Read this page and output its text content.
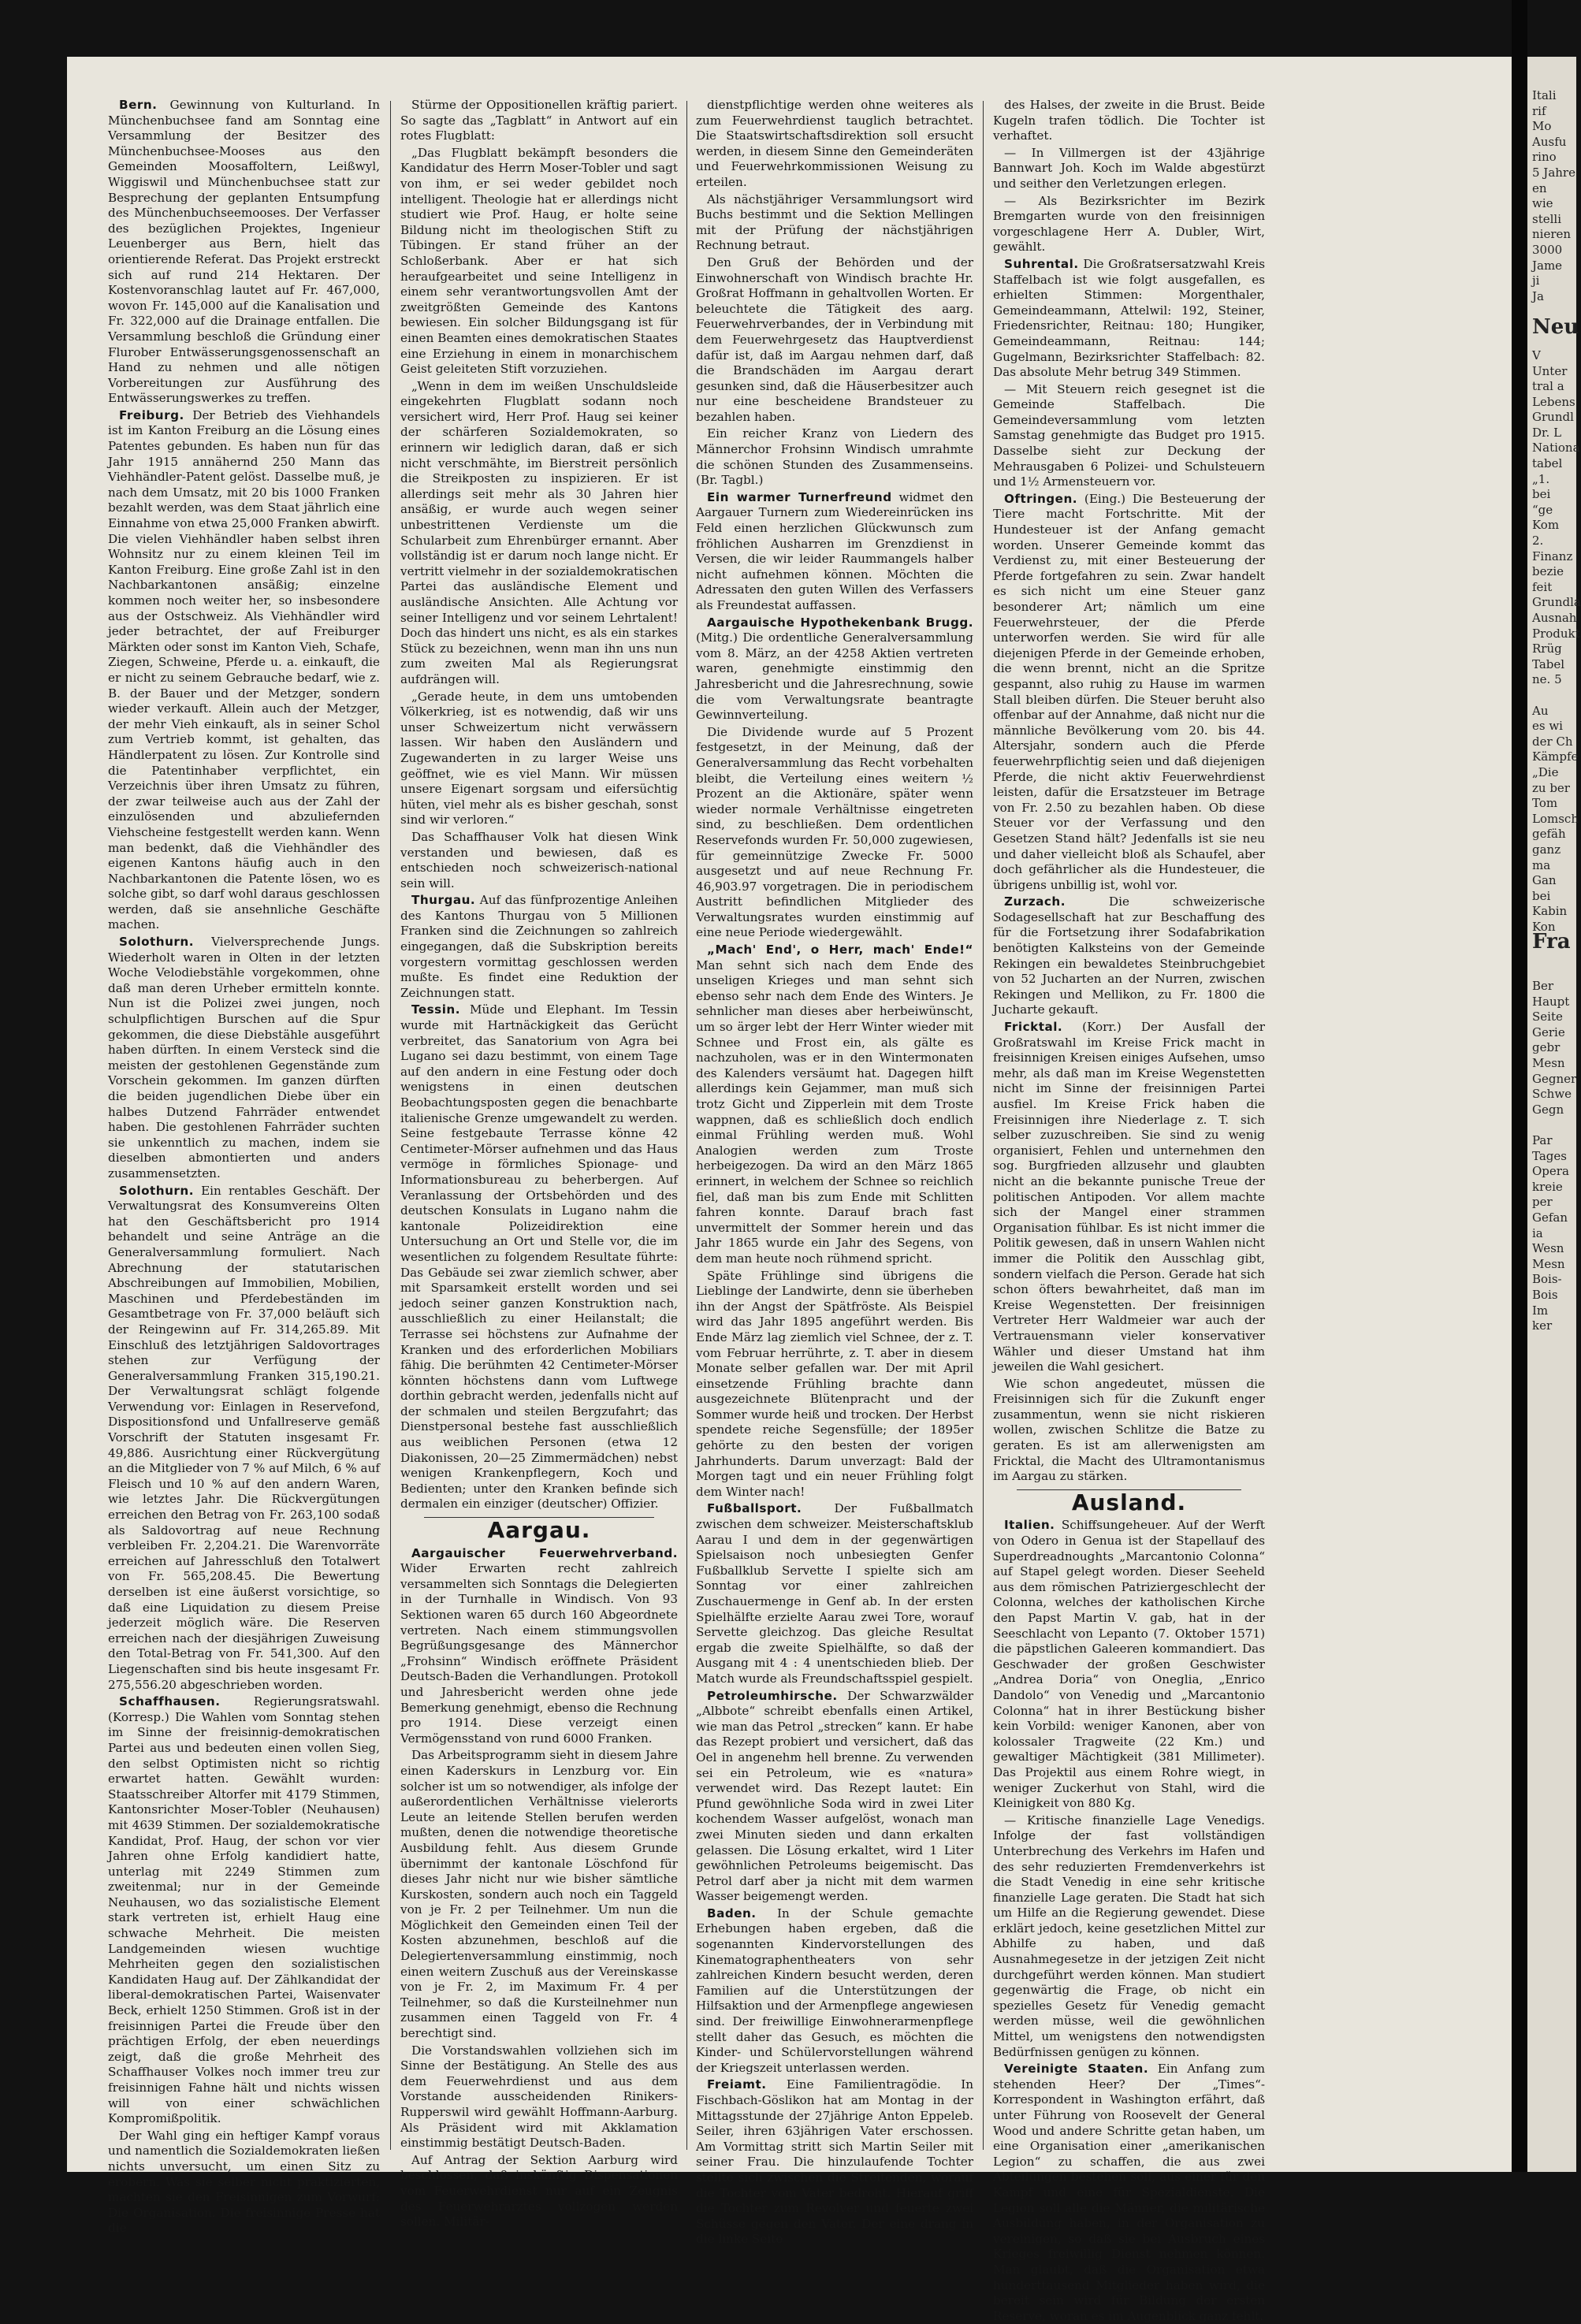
Bern. Gewinnung von Kulturland. In Münchenbuchsee fand am Sonntag eine Versammlung der Besitzer des Münchenbuchsee-Mooses aus den Gemeinden Moosaffoltern, Leißwyl, Wiggiswil und Münchenbuchsee statt zur Besprechung der geplanten Entsumpfung des Münchenbuchseemooses. Der Verfasser des bezüglichen Projektes, Ingenieur Leuenberger aus Bern, hielt das orientierende Referat. Das Projekt erstreckt sich auf rund 214 Hektaren. Der Kostenvoranschlag lautet auf Fr. 467,000, wovon Fr. 145,000 auf die Kanalisation und Fr. 322,000 auf die Drainage entfallen. Die Versammlung beschloß die Gründung einer Flurober Entwässerungsgenossenschaft an Hand zu nehmen und alle nötigen Vorbereitungen zur Ausführung des Entwässerungswerkes zu treffen.

Freiburg. Der Betrieb des Viehhandels ist im Kanton Freiburg an die Lösung eines Patentes gebunden. Es haben nun für das Jahr 1915 annähernd 250 Mann das Viehhändler-Patent gelöst. Dasselbe muß, je nach dem Umsatz, mit 20 bis 1000 Franken bezahlt werden, was dem Staat jährlich eine Einnahme von etwa 25,000 Franken abwirft. Die vielen Viehhändler haben selbst ihren Wohnsitz nur zu einem kleinen Teil im Kanton Freiburg. Eine große Zahl ist in den Nachbarkantonen ansäßig; einzelne kommen noch weiter her, so insbesondere aus der Ostschweiz. Als Viehhändler wird jeder betrachtet, der auf Freiburger Märkten oder sonst im Kanton Vieh, Schafe, Ziegen, Schweine, Pferde u. a. einkauft, die er nicht zu seinem Gebrauche bedarf, wie z. B. der Bauer und der Metzger, sondern wieder verkauft. Allein auch der Metzger, der mehr Vieh einkauft, als in seiner Schol zum Vertrieb kommt, ist gehalten, das Händlerpatent zu lösen. Zur Kontrolle sind die Patentinhaber verpflichtet, ein Verzeichnis über ihren Umsatz zu führen, der zwar teilweise auch aus der Zahl der einzulösenden und abzuliefernden Viehscheine festgestellt werden kann. Wenn man bedenkt, daß die Viehhändler des eigenen Kantons häufig auch in den Nachbarkantonen die Patente lösen, wo es solche gibt, so darf wohl daraus geschlossen werden, daß sie ansehnliche Geschäfte machen.

Solothurn. Vielversprechende Jungs. Wiederholt waren in Olten in der letzten Woche Velodiebstähle vorgekommen, ohne daß man deren Urheber ermitteln konnte. Nun ist die Polizei zwei jungen, noch schulpflichtigen Burschen auf die Spur gekommen, die diese Diebstähle ausgeführt haben dürften. In einem Versteck sind die meisten der gestohlenen Gegenstände zum Vorschein gekommen. Im ganzen dürften die beiden jugendlichen Diebe über ein halbes Dutzend Fahrräder entwendet haben. Die gestohlenen Fahrräder suchten sie unkenntlich zu machen, indem sie dieselben abmontierten und anders zusammensetzten.

Solothurn. Ein rentables Geschäft. Der Verwaltungsrat des Konsumvereins Olten hat den Geschäftsbericht pro 1914 behandelt und seine Anträge an die Generalversammlung formuliert. Nach Abrechnung der statutarischen Abschreibungen auf Immobilien, Mobilien, Maschinen und Pferdebeständen im Gesamtbetrage von Fr. 37,000 beläuft sich der Reingewinn auf Fr. 314,265.89. Mit Einschluß des letztjährigen Saldovortrages stehen zur Verfügung der Generalversammlung Franken 315,190.21. Der Verwaltungsrat schlägt folgende Verwendung vor: Einlagen in Reservefond, Dispositionsfond und Unfallreserve gemäß Vorschrift der Statuten insgesamt Fr. 49,886. Ausrichtung einer Rückvergütung an die Mitglieder von 7 % auf Milch, 6 % auf Fleisch und 10 % auf den andern Waren, wie letztes Jahr. Die Rückvergütungen erreichen den Betrag von Fr. 263,100 sodaß als Saldovortrag auf neue Rechnung verbleiben Fr. 2,204.21. Die Warenvorräte erreichen auf Jahresschluß den Totalwert von Fr. 565,208.45. Die Bewertung derselben ist eine äußerst vorsichtige, so daß eine Liquidation zu diesem Preise jederzeit möglich wäre. Die Reserven erreichen nach der diesjährigen Zuweisung den Total-Betrag von Fr. 541,300. Auf den Liegenschaften sind bis heute insgesamt Fr. 275,556.20 abgeschrieben worden.

Schaffhausen. Regierungsratswahl. (Korresp.) Die Wahlen vom Sonntag stehen im Sinne der freisinnig-demokratischen Partei aus und bedeuten einen vollen Sieg, den selbst Optimisten nicht so richtig erwartet hatten. Gewählt wurden: Staatsschreiber Altorfer mit 4179 Stimmen, Kantonsrichter Moser-Tobler (Neuhausen) mit 4639 Stimmen. Der sozialdemokratische Kandidat, Prof. Haug, der schon vor vier Jahren ohne Erfolg kandidiert hatte, unterlag mit 2249 Stimmen zum zweitenmal; nur in der Gemeinde Neuhausen, wo das sozialistische Element stark vertreten ist, erhielt Haug eine schwache Mehrheit. Die meisten Landgemeinden wiesen wuchtige Mehrheiten gegen den sozialistischen Kandidaten Haug auf. Der Zählkandidat der liberal-demokratischen Partei, Waisenvater Beck, erhielt 1250 Stimmen. Groß ist in der freisinnigen Partei die Freude über den prächtigen Erfolg, der eben neuerdings zeigt, daß die große Mehrheit des Schaffhauser Volkes noch immer treu zur freisinnigen Fahne hält und nichts wissen will von einer schwächlichen Kompromißpolitik.

Der Wahl ging ein heftiger Kampf voraus und namentlich die Sozialdemokraten ließen nichts unversucht, um einen Sitz zu erobern. Was sie selber nicht praktizierten, machten sie den Freisinnigen zum Vorwurf: Die Organisation. Die freisinnige Presse hat die

Stürme der Oppositionellen kräftig pariert. So sagte das „Tagblatt“ in Antwort auf ein rotes Flugblatt:

„Das Flugblatt bekämpft besonders die Kandidatur des Herrn Moser-Tobler und sagt von ihm, er sei weder gebildet noch intelligent. Theologie hat er allerdings nicht studiert wie Prof. Haug, er holte seine Bildung nicht im theologischen Stift zu Tübingen. Er stand früher an der Schloßerbank. Aber er hat sich heraufgearbeitet und seine Intelligenz in einem sehr verantwortungsvollen Amt der zweitgrößten Gemeinde des Kantons bewiesen. Ein solcher Bildungsgang ist für einen Beamten eines demokratischen Staates eine Erziehung in einem in monarchischem Geist geleiteten Stift vorzuziehen.

„Wenn in dem im weißen Unschuldsleide eingekehrten Flugblatt sodann noch versichert wird, Herr Prof. Haug sei keiner der schärferen Sozialdemokraten, so erinnern wir lediglich daran, daß er sich nicht verschmähte, im Bierstreit persönlich die Streikposten zu inspizieren. Er ist allerdings seit mehr als 30 Jahren hier ansäßig, er wurde auch wegen seiner unbestrittenen Verdienste um die Schularbeit zum Ehrenbürger ernannt. Aber vollständig ist er darum noch lange nicht. Er vertritt vielmehr in der sozialdemokratischen Partei das ausländische Element und ausländische Ansichten. Alle Achtung vor seiner Intelligenz und vor seinem Lehrtalent! Doch das hindert uns nicht, es als ein starkes Stück zu bezeichnen, wenn man ihn uns nun zum zweiten Mal als Regierungsrat aufdrängen will.

„Gerade heute, in dem uns umtobenden Völkerkrieg, ist es notwendig, daß wir uns unser Schweizertum nicht verwässern lassen. Wir haben den Ausländern und Zugewanderten in zu larger Weise uns geöffnet, wie es viel Mann. Wir müssen unsere Eigenart sorgsam und eifersüchtig hüten, viel mehr als es bisher geschah, sonst sind wir verloren.“

Das Schaffhauser Volk hat diesen Wink verstanden und bewiesen, daß es entschieden noch schweizerisch-national sein will.

Thurgau. Auf das fünfprozentige Anleihen des Kantons Thurgau von 5 Millionen Franken sind die Zeichnungen so zahlreich eingegangen, daß die Subskription bereits vorgestern vormittag geschlossen werden mußte. Es findet eine Reduktion der Zeichnungen statt.

Tessin. Müde und Elephant. Im Tessin wurde mit Hartnäckigkeit das Gerücht verbreitet, das Sanatorium von Agra bei Lugano sei dazu bestimmt, von einem Tage auf den andern in eine Festung oder doch wenigstens in einen deutschen Beobachtungsposten gegen die benachbarte italienische Grenze umgewandelt zu werden. Seine festgebaute Terrasse könne 42 Centimeter-Mörser aufnehmen und das Haus vermöge in förmliches Spionage- und Informationsbureau zu beherbergen. Auf Veranlassung der Ortsbehörden und des deutschen Konsulats in Lugano nahm die kantonale Polizeidirektion eine Untersuchung an Ort und Stelle vor, die im wesentlichen zu folgendem Resultate führte: Das Gebäude sei zwar ziemlich schwer, aber mit Sparsamkeit erstellt worden und sei jedoch seiner ganzen Konstruktion nach, ausschließlich zu einer Heilanstalt; die Terrasse sei höchstens zur Aufnahme der Kranken und des erforderlichen Mobiliars fähig. Die berühmten 42 Centimeter-Mörser könnten höchstens dann vom Luftwege dorthin gebracht werden, jedenfalls nicht auf der schmalen und steilen Bergzufahrt; das Dienstpersonal bestehe fast ausschließlich aus weiblichen Personen (etwa 12 Diakonissen, 20—25 Zimmermädchen) nebst wenigen Krankenpflegern, Koch und Bedienten; unter den Kranken befinde sich dermalen ein einziger (deutscher) Offizier.

Aargau.

Aargauischer Feuerwehrverband. Wider Erwarten recht zahlreich versammelten sich Sonntags die Delegierten in der Turnhalle in Windisch. Von 93 Sektionen waren 65 durch 160 Abgeordnete vertreten. Nach einem stimmungsvollen Begrüßungsgesange des Männerchor „Frohsinn“ Windisch eröffnete Präsident Deutsch-Baden die Verhandlungen. Protokoll und Jahresbericht werden ohne jede Bemerkung genehmigt, ebenso die Rechnung pro 1914. Diese verzeigt einen Vermögensstand von rund 6000 Franken.

Das Arbeitsprogramm sieht in diesem Jahre einen Kaderskurs in Lenzburg vor. Ein solcher ist um so notwendiger, als infolge der außerordentlichen Verhältnisse vielerorts Leute an leitende Stellen berufen werden mußten, denen die notwendige theoretische Ausbildung fehlt. Aus diesem Grunde übernimmt der kantonale Löschfond für dieses Jahr nicht nur wie bisher sämtliche Kurskosten, sondern auch noch ein Taggeld von je Fr. 2 per Teilnehmer. Um nun die Möglichkeit den Gemeinden einen Teil der Kosten abzunehmen, beschloß auf die Delegiertenversammlung einstimmig, noch einen weitern Zuschuß aus der Vereinskasse von je Fr. 2, im Maximum Fr. 4 per Teilnehmer, so daß die Kursteilnehmer nun zusammen einen Taggeld von Fr. 4 berechtigt sind.

Die Vorstandswahlen vollziehen sich im Sinne der Bestätigung. An Stelle des aus dem Feuerwehrdienst und aus dem Vorstande ausscheidenden Rinikers-Rupperswil wird gewählt Hoffmann-Aarburg. Als Präsident wird mit Akklamation einstimmig bestätigt Deutsch-Baden.

Auf Antrag der Sektion Aarburg wird beschlossen, daß inskünftig Dispensationen vom Feuerwehrdienst nur auf ein Zeugnis des Feuerwehrarztes vollzogen werden sollen. Militär-

dienstpflichtige werden ohne weiteres als zum Feuerwehrdienst tauglich betrachtet. Die Staatswirtschaftsdirektion soll ersucht werden, in diesem Sinne den Gemeinderäten und Feuerwehrkommissionen Weisung zu erteilen.

Als nächstjähriger Versammlungsort wird Buchs bestimmt und die Sektion Mellingen mit der Prüfung der nächstjährigen Rechnung betraut.

Den Gruß der Behörden und der Einwohnerschaft von Windisch brachte Hr. Großrat Hoffmann in gehaltvollen Worten. Er beleuchtete die Tätigkeit des aarg. Feuerwehrverbandes, der in Verbindung mit dem Feuerwehrgesetz das Hauptverdienst dafür ist, daß im Aargau nehmen darf, daß die Brandschäden im Aargau derart gesunken sind, daß die Häuserbesitzer auch nur eine bescheidene Brandsteuer zu bezahlen haben.

Ein reicher Kranz von Liedern des Männerchor Frohsinn Windisch umrahmte die schönen Stunden des Zusammenseins. (Br. Tagbl.)

Ein warmer Turnerfreund widmet den Aargauer Turnern zum Wiedereinrücken ins Feld einen herzlichen Glückwunsch zum fröhlichen Ausharren im Grenzdienst in Versen, die wir leider Raummangels halber nicht aufnehmen können. Möchten die Adressaten den guten Willen des Verfassers als Freundestat auffassen.

Aargauische Hypothekenbank Brugg. (Mitg.) Die ordentliche Generalversammlung vom 8. März, an der 4258 Aktien vertreten waren, genehmigte einstimmig den Jahresbericht und die Jahresrechnung, sowie die vom Verwaltungsrate beantragte Gewinnverteilung.

Die Dividende wurde auf 5 Prozent festgesetzt, in der Meinung, daß der Generalversammlung das Recht vorbehalten bleibt, die Verteilung eines weitern ½ Prozent an die Aktionäre, später wenn wieder normale Verhältnisse eingetreten sind, zu beschließen. Dem ordentlichen Reservefonds wurden Fr. 50,000 zugewiesen, für gemeinnützige Zwecke Fr. 5000 ausgesetzt und auf neue Rechnung Fr. 46,903.97 vorgetragen. Die in periodischem Austritt befindlichen Mitglieder des Verwaltungsrates wurden einstimmig auf eine neue Periode wiedergewählt.

„Mach' End', o Herr, mach' Ende!“ Man sehnt sich nach dem Ende des unseligen Krieges und man sehnt sich ebenso sehr nach dem Ende des Winters. Je sehnlicher man dieses aber herbeiwünscht, um so ärger lebt der Herr Winter wieder mit Schnee und Frost ein, als gälte es nachzuholen, was er in den Wintermonaten des Kalenders versäumt hat. Dagegen hilft allerdings kein Gejammer, man muß sich trotz Gicht und Zipperlein mit dem Troste wappnen, daß es schließlich doch endlich einmal Frühling werden muß. Wohl Analogien werden zum Troste herbeigezogen. Da wird an den März 1865 erinnert, in welchem der Schnee so reichlich fiel, daß man bis zum Ende mit Schlitten fahren konnte. Darauf brach fast unvermittelt der Sommer herein und das Jahr 1865 wurde ein Jahr des Segens, von dem man heute noch rühmend spricht.

Späte Frühlinge sind übrigens die Lieblinge der Landwirte, denn sie überheben ihn der Angst der Spätfröste. Als Beispiel wird das Jahr 1895 angeführt werden. Bis Ende März lag ziemlich viel Schnee, der z. T. vom Februar herrührte, z. T. aber in diesem Monate selber gefallen war. Der mit April einsetzende Frühling brachte dann ausgezeichnete Blütenpracht und der Sommer wurde heiß und trocken. Der Herbst spendete reiche Segensfülle; der 1895er gehörte zu den besten der vorigen Jahrhunderts. Darum unverzagt: Bald der Morgen tagt und ein neuer Frühling folgt dem Winter nach!

Fußballsport. Der Fußballmatch zwischen dem schweizer. Meisterschaftsklub Aarau I und dem in der gegenwärtigen Spielsaison noch unbesiegten Genfer Fußballklub Servette I spielte sich am Sonntag vor einer zahlreichen Zuschauermenge in Genf ab. In der ersten Spielhälfte erzielte Aarau zwei Tore, worauf Servette gleichzog. Das gleiche Resultat ergab die zweite Spielhälfte, so daß der Ausgang mit 4 : 4 unentschieden blieb. Der Match wurde als Freundschaftsspiel gespielt.

Petroleumhirsche. Der Schwarzwälder „Albbote“ schreibt ebenfalls einen Artikel, wie man das Petrol „strecken“ kann. Er habe das Rezept probiert und versichert, daß das Oel in angenehm hell brenne. Zu verwenden sei ein Petroleum, wie es «natura» verwendet wird. Das Rezept lautet: Ein Pfund gewöhnliche Soda wird in zwei Liter kochendem Wasser aufgelöst, wonach man zwei Minuten sieden und dann erkalten gelassen. Die Lösung erkaltet, wird 1 Liter gewöhnlichen Petroleums beigemischt. Das Petrol darf aber ja nicht mit dem warmen Wasser beigemengt werden.

Baden. In der Schule gemachte Erhebungen haben ergeben, daß die sogenannten Kindervorstellungen des Kinematographentheaters von sehr zahlreichen Kindern besucht werden, deren Familien auf die Unterstützungen der Hilfsaktion und der Armenpflege angewiesen sind. Der freiwillige Einwohnerarmenpflege stellt daher das Gesuch, es möchten die Kinder- und Schülervorstellungen während der Kriegszeit unterlassen werden.

Freiamt. Eine Familientragödie. In Fischbach-Göslikon hat am Montag in der Mittagsstunde der 27jährige Anton Eppeleb. Seiler, ihren 63jährigen Vater erschossen. Am Vormittag stritt sich Martin Seiler mit seiner Frau. Die hinzulaufende Tochter stellte sich zwischen die Streitenden, worauf die Tochter vom Vater bedroht. Hierauf griff die Tochter zum Revolver und feuerte zwei Schüsse gegen den Vater. Der eine drang in die linke Seite

des Halses, der zweite in die Brust. Beide Kugeln trafen tödlich. Die Tochter ist verhaftet.

— In Villmergen ist der 43jährige Bannwart Joh. Koch im Walde abgestürzt und seither den Verletzungen erlegen.

— Als Bezirksrichter im Bezirk Bremgarten wurde von den freisinnigen vorgeschlagene Herr A. Dubler, Wirt, gewählt.

Suhrental. Die Großratsersatzwahl Kreis Staffelbach ist wie folgt ausgefallen, es erhielten Stimmen: Morgenthaler, Gemeindeammann, Attelwil: 192, Steiner, Friedensrichter, Reitnau: 180; Hungiker, Gemeindeammann, Reitnau: 144; Gugelmann, Bezirksrichter Staffelbach: 82. Das absolute Mehr betrug 349 Stimmen.

— Mit Steuern reich gesegnet ist die Gemeinde Staffelbach. Die Gemeindeversammlung vom letzten Samstag genehmigte das Budget pro 1915. Dasselbe sieht zur Deckung der Mehrausgaben 6 Polizei- und Schulsteuern und 1½ Armensteuern vor.

Oftringen. (Eing.) Die Besteuerung der Tiere macht Fortschritte. Mit der Hundesteuer ist der Anfang gemacht worden. Unserer Gemeinde kommt das Verdienst zu, mit einer Besteuerung der Pferde fortgefahren zu sein. Zwar handelt es sich nicht um eine Steuer ganz besonderer Art; nämlich um eine Feuerwehrsteuer, der die Pferde unterworfen werden. Sie wird für alle diejenigen Pferde in der Gemeinde erhoben, die wenn brennt, nicht an die Spritze gespannt, also ruhig zu Hause im warmen Stall bleiben dürfen. Die Steuer beruht also offenbar auf der Annahme, daß nicht nur die männliche Bevölkerung vom 20. bis 44. Altersjahr, sondern auch die Pferde feuerwehrpflichtig seien und daß diejenigen Pferde, die nicht aktiv Feuerwehrdienst leisten, dafür die Ersatzsteuer im Betrage von Fr. 2.50 zu bezahlen haben. Ob diese Steuer vor der Verfassung und den Gesetzen Stand hält? Jedenfalls ist sie neu und daher vielleicht bloß als Schaufel, aber doch gefährlicher als die Hundesteuer, die übrigens unbillig ist, wohl vor.

Zurzach. Die schweizerische Sodagesellschaft hat zur Beschaffung des für die Fortsetzung ihrer Sodafabrikation benötigten Kalksteins von der Gemeinde Rekingen ein bewaldetes Steinbruchgebiet von 52 Jucharten an der Nurren, zwischen Rekingen und Mellikon, zu Fr. 1800 die Jucharte gekauft.

Fricktal. (Korr.) Der Ausfall der Großratswahl im Kreise Frick macht in freisinnigen Kreisen einiges Aufsehen, umso mehr, als daß man im Kreise Wegenstetten nicht im Sinne der freisinnigen Partei ausfiel. Im Kreise Frick haben die Freisinnigen ihre Niederlage z. T. sich selber zuzuschreiben. Sie sind zu wenig organisiert, Fehlen und unternehmen den sog. Burgfrieden allzusehr und glaubten nicht an die bekannte punische Treue der politischen Antipoden. Vor allem machte sich der Mangel einer strammen Organisation fühlbar. Es ist nicht immer die Politik gewesen, daß in unsern Wahlen nicht immer die Politik den Ausschlag gibt, sondern vielfach die Person. Gerade hat sich schon öfters bewahrheitet, daß man im Kreise Wegenstetten. Der freisinnigen Vertreter Herr Waldmeier war auch der Vertrauensmann vieler konservativer Wähler und dieser Umstand hat ihm jeweilen die Wahl gesichert.

Wie schon angedeutet, müssen die Freisinnigen sich für die Zukunft enger zusammentun, wenn sie nicht riskieren wollen, zwischen Schlitze die Batze zu geraten. Es ist am allerwenigsten am Fricktal, die Macht des Ultramontanismus im Aargau zu stärken.

Ausland.

Italien. Schiffsungeheuer. Auf der Werft von Odero in Genua ist der Stapellauf des Superdreadnoughts „Marcantonio Colonna“ auf Stapel gelegt worden. Dieser Seeheld aus dem römischen Patriziergeschlecht der Colonna, welches der katholischen Kirche den Papst Martin V. gab, hat in der Seeschlacht von Lepanto (7. Oktober 1571) die päpstlichen Galeeren kommandiert. Das Geschwader der großen Geschwister „Andrea Doria“ von Oneglia, „Enrico Dandolo“ von Venedig und „Marcantonio Colonna“ hat in ihrer Bestückung bisher kein Vorbild: weniger Kanonen, aber von kolossaler Tragweite (22 Km.) und gewaltiger Mächtigkeit (381 Millimeter). Das Projektil aus einem Rohre wiegt, in weniger Zuckerhut von Stahl, wird die Kleinigkeit von 880 Kg.

— Kritische finanzielle Lage Venedigs. Infolge der fast vollständigen Unterbrechung des Verkehrs im Hafen und des sehr reduzierten Fremdenverkehrs ist die Stadt Venedig in eine sehr kritische finanzielle Lage geraten. Die Stadt hat sich um Hilfe an die Regierung gewendet. Diese erklärt jedoch, keine gesetzlichen Mittel zur Abhilfe zu haben, und daß Ausnahmegesetze in der jetzigen Zeit nicht durchgeführt werden können. Man studiert gegenwärtig die Frage, ob nicht ein spezielles Gesetz für Venedig gemacht werden müsse, weil die gewöhnlichen Mittel, um wenigstens den notwendigsten Bedürfnissen genügen zu können.

Vereinigte Staaten. Ein Anfang zum stehenden Heer? Der „Times“-Korrespondent in Washington erfährt, daß unter Führung von Roosevelt der General Wood und andere Schritte getan haben, um eine Organisation einer „amerikanischen Legion“ zu schaffen, die aus zwei Abteilungen bestehen soll, aus einer für den Kampf und eine für Spezialdienste. Die Legion soll alle die Männer, die militärische Ausbildung haben, in der Organisation zu vereinigen, so daß sie bei Ausbruch eines Krieges freiwillig Dienst nehmen können. Man glaubt, daß die Organisation etwa hunderttausend Mitglieder haben wird, die bereit sein wird für Bildung der ersten Reserve, woran es im Augenblick ganz fehlt.

Itali
rif
Mo
Ausfu
rino
5 Jahre
en
wie
stelli
nieren
3000
Jame
ji
Ja
Neu
V
Unter
tral a
Lebens
Grundl
Dr. L
Nationa
tabel
„1.
bei
“ge
Kom
2.
Finanz
bezie
feit
Grundla
Ausnah
Produkt
Rrüg
Tabel
ne. 5
Au
es wi
der Ch
Kämpfe
„Die
zu ber
Tom
Lomsch
gefäh
ganz
ma
Gan
bei
Kabin
Kon
Fra
Ber
Haupt
Seite
Gerie
gebr
Mesn
Gegner
Schwe
Gegn
Par
Tages
Opera
kreie
per
Gefan
ia
Wesn
Mesn
Bois-
Bois
Im
ker
